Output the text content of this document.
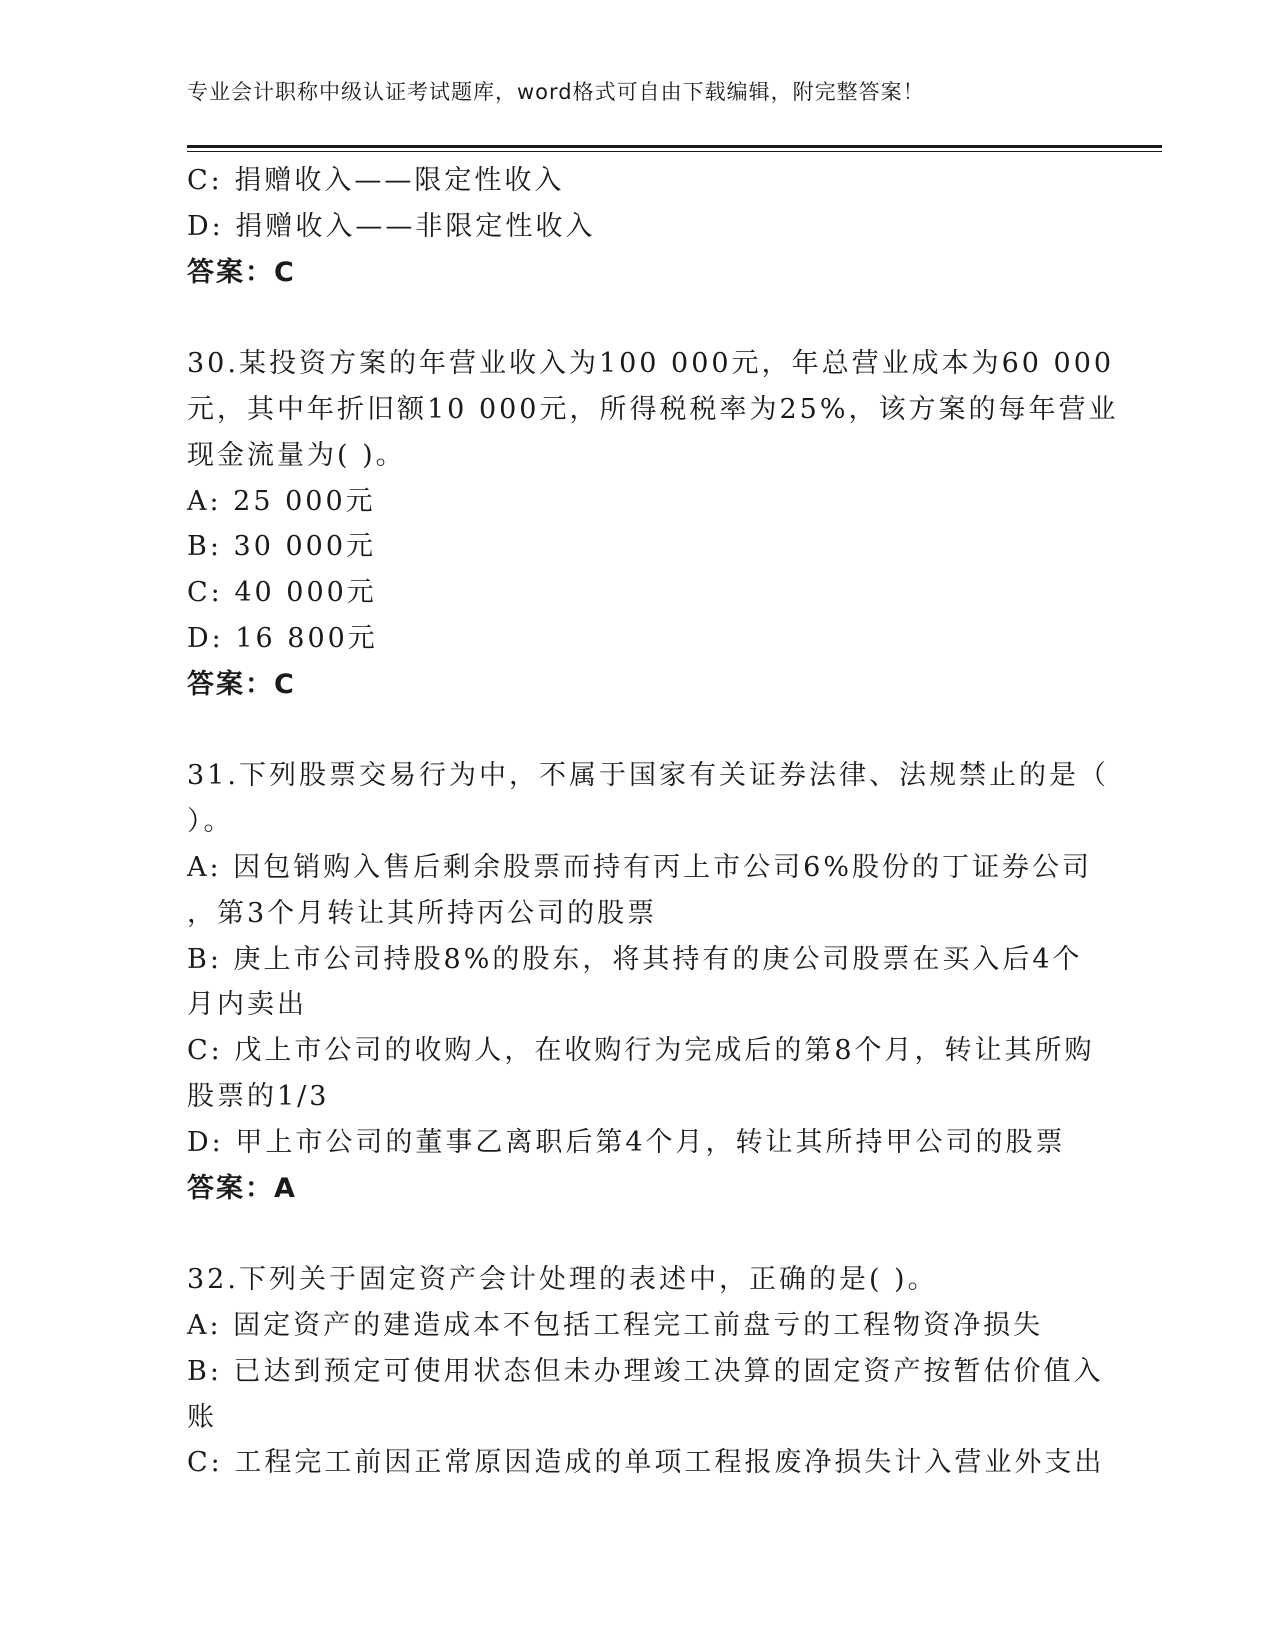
专业会计职称中级认证考试题库，word格式可自由下载编辑，附完整答案！
C: 捐赠收入——限定性收入
D: 捐赠收入——非限定性收入
答案：C
30.某投资方案的年营业收入为100 000元，年总营业成本为60 000
元，其中年折旧额10 000元，所得税税率为25%，该方案的每年营业
现金流量为( )。
A: 25 000元
B: 30 000元
C: 40 000元
D: 16 800元
答案：C
31.下列股票交易行为中，不属于国家有关证券法律、法规禁止的是（
）。
A: 因包销购入售后剩余股票而持有丙上市公司6%股份的丁证券公司
，第3个月转让其所持丙公司的股票
B: 庚上市公司持股8%的股东，将其持有的庚公司股票在买入后4个
月内卖出
C: 戊上市公司的收购人，在收购行为完成后的第8个月，转让其所购
股票的1/3
D: 甲上市公司的董事乙离职后第4个月，转让其所持甲公司的股票
答案：A
32.下列关于固定资产会计处理的表述中，正确的是( )。
A: 固定资产的建造成本不包括工程完工前盘亏的工程物资净损失
B: 已达到预定可使用状态但未办理竣工决算的固定资产按暂估价值入
账
C: 工程完工前因正常原因造成的单项工程报废净损失计入营业外支出
